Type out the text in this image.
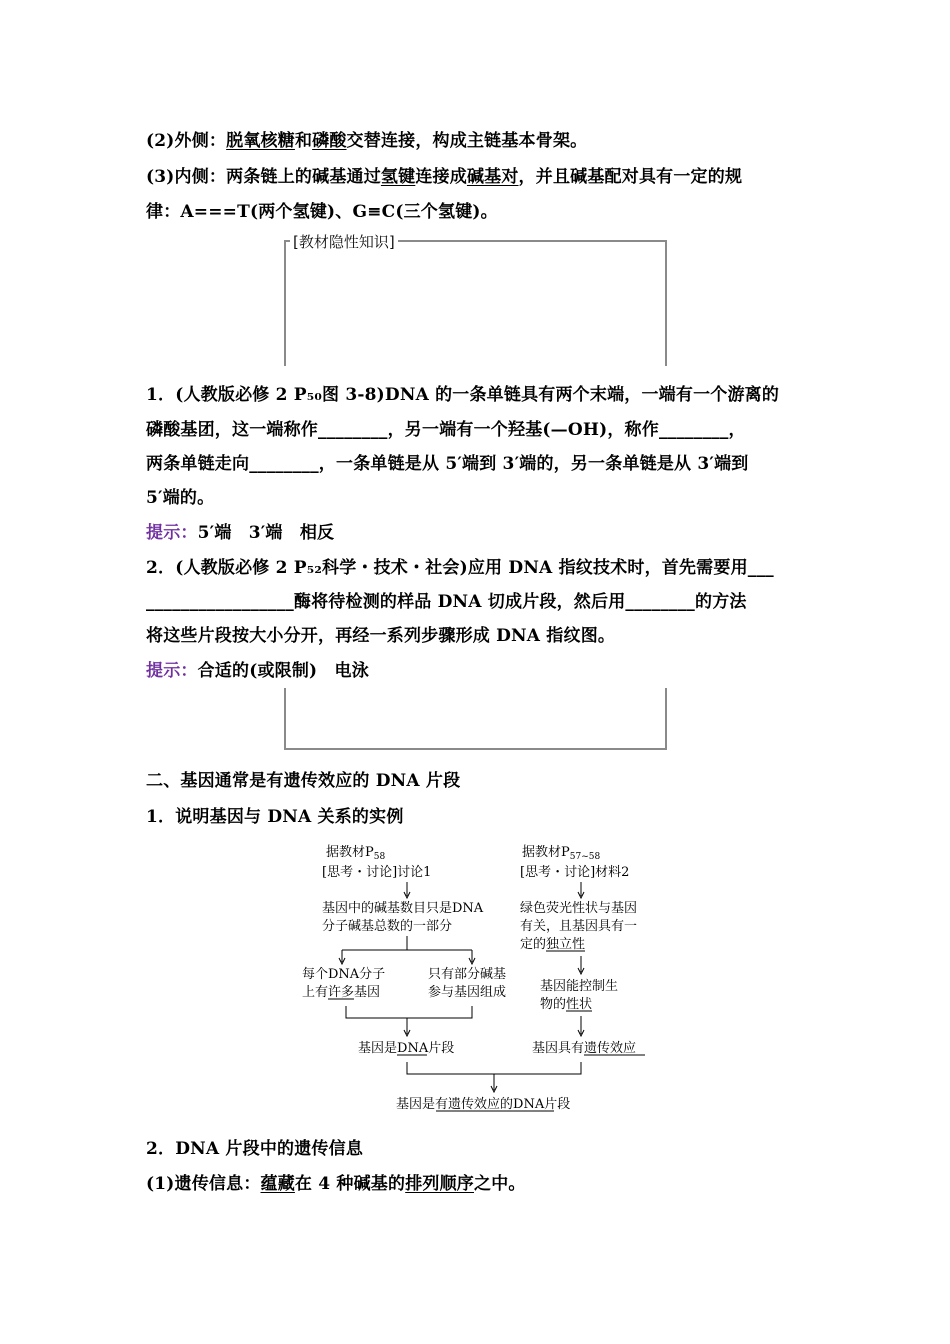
(2)外侧：脱氧核糖和磷酸交替连接，构成主链基本骨架。
(3)内侧：两条链上的碱基通过氢键连接成碱基对，并且碱基配对具有一定的规
律：A===T(两个氢键)、G≡C(三个氢键)。
[教材隐性知识]
1．(人教版必修 2 P₅₀图 3-8)DNA 的一条单链具有两个末端，一端有一个游离的
磷酸基团，这一端称作________，另一端有一个羟基(—OH)，称作________，
两条单链走向________，一条单链是从 5′端到 3′端的，另一条单链是从 3′端到
5′端的。
提示：5′端　3′端　相反
2．(人教版必修 2 P₅₂科学・技术・社会)应用 DNA 指纹技术时，首先需要用___
_________________酶将待检测的样品 DNA 切成片段，然后用________的方法
将这些片段按大小分开，再经一系列步骤形成 DNA 指纹图。
提示：合适的(或限制)　电泳
二、基因通常是有遗传效应的 DNA 片段
1．说明基因与 DNA 关系的实例
据教材$P_{58}$
[思考・讨论]讨论1
基因中的碱基数目只是DNA
分子碱基总数的一部分
每个DNA分子
上有许多基因
只有部分碱基
参与基因组成
基因是DNA片段
据教材$P_{57\sim 58}$
[思考・讨论]材料2
绿色荧光性状与基因
有关，且基因具有一
定的独立性
基因能控制生
物的性状
基因具有遗传效应
基因是有遗传效应的DNA片段
2．DNA 片段中的遗传信息
(1)遗传信息：蕴藏在 4 种碱基的排列顺序之中。
